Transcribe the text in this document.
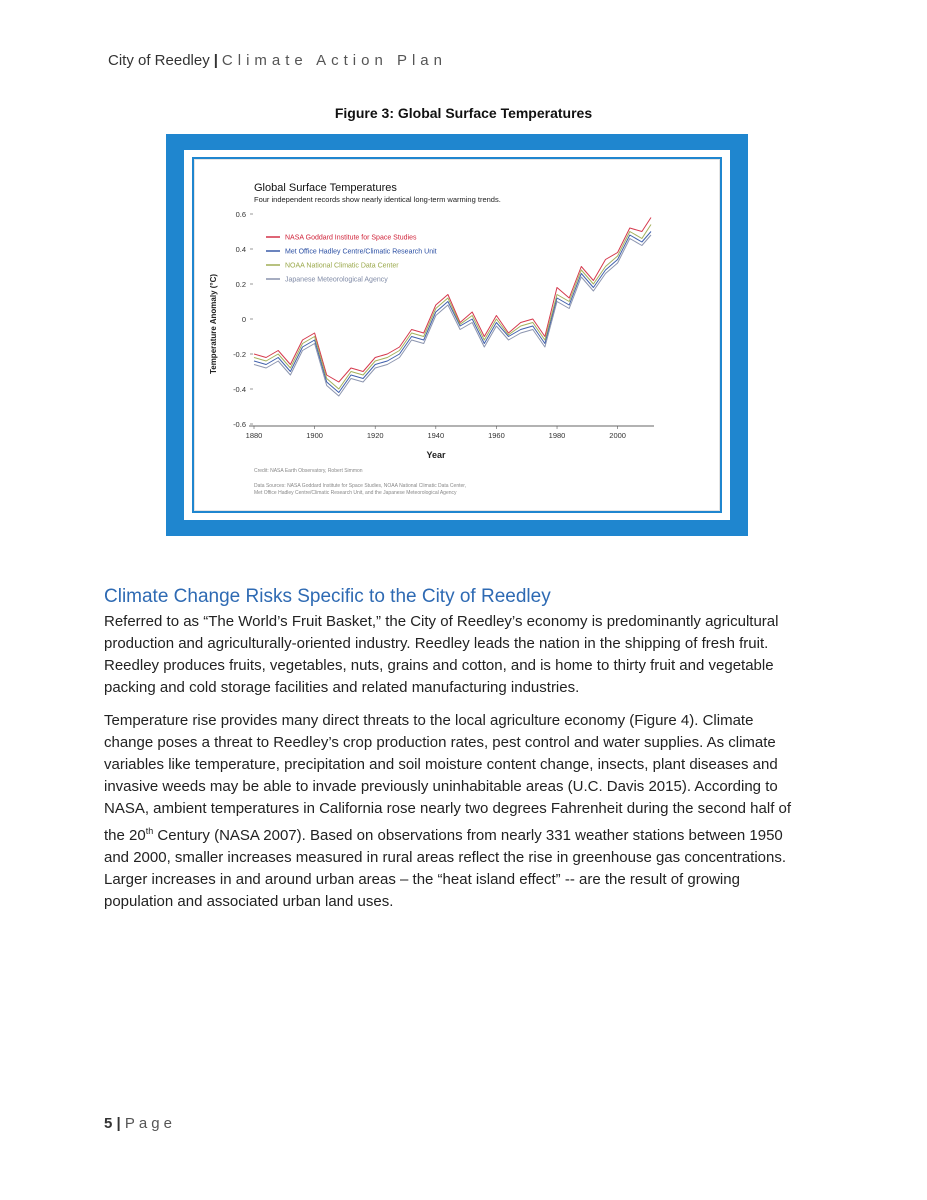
City of Reedley | Climate Action Plan
Figure 3: Global Surface Temperatures
Global Surface Temperatures
Four independent records show nearly identical long-term warming trends.
NASA Goddard Institute for Space Studies
Met Office Hadley Centre/Climatic Research Unit
NOAA National Climatic Data Center
Japanese Meteorological Agency
0.6
0.4
0.2
0
-0.2
-0.4
-0.6
1880	1900	1920	1940	1960	1980	2000
Year
Temperature Anomaly (°C)
Credit: NASA Earth Observatory, Robert Simmon
Data Sources: NASA Goddard Institute for Space Studies, NOAA National Climatic Data Center,
Met Office Hadley Centre/Climatic Research Unit, and the Japanese Meteorological Agency
Climate Change Risks Specific to the City of Reedley

Referred to as “The World’s Fruit Basket,” the City of Reedley’s economy is predominantly agricultural production and agriculturally-oriented industry. Reedley leads the nation in the shipping of fresh fruit. Reedley produces fruits, vegetables, nuts, grains and cotton, and is home to thirty fruit and vegetable packing and cold storage facilities and related manufacturing industries.

Temperature rise provides many direct threats to the local agriculture economy (Figure 4). Climate change poses a threat to Reedley’s crop production rates, pest control and water supplies. As climate variables like temperature, precipitation and soil moisture content change, insects, plant diseases and invasive weeds may be able to invade previously uninhabitable areas (U.C. Davis 2015). According to NASA, ambient temperatures in California rose nearly two degrees Fahrenheit during the second half of the 20th Century (NASA 2007). Based on observations from nearly 331 weather stations between 1950 and 2000, smaller increases measured in rural areas reflect the rise in greenhouse gas concentrations. Larger increases in and around urban areas – the “heat island effect” -- are the result of growing population and associated urban land uses.

5 | Page
